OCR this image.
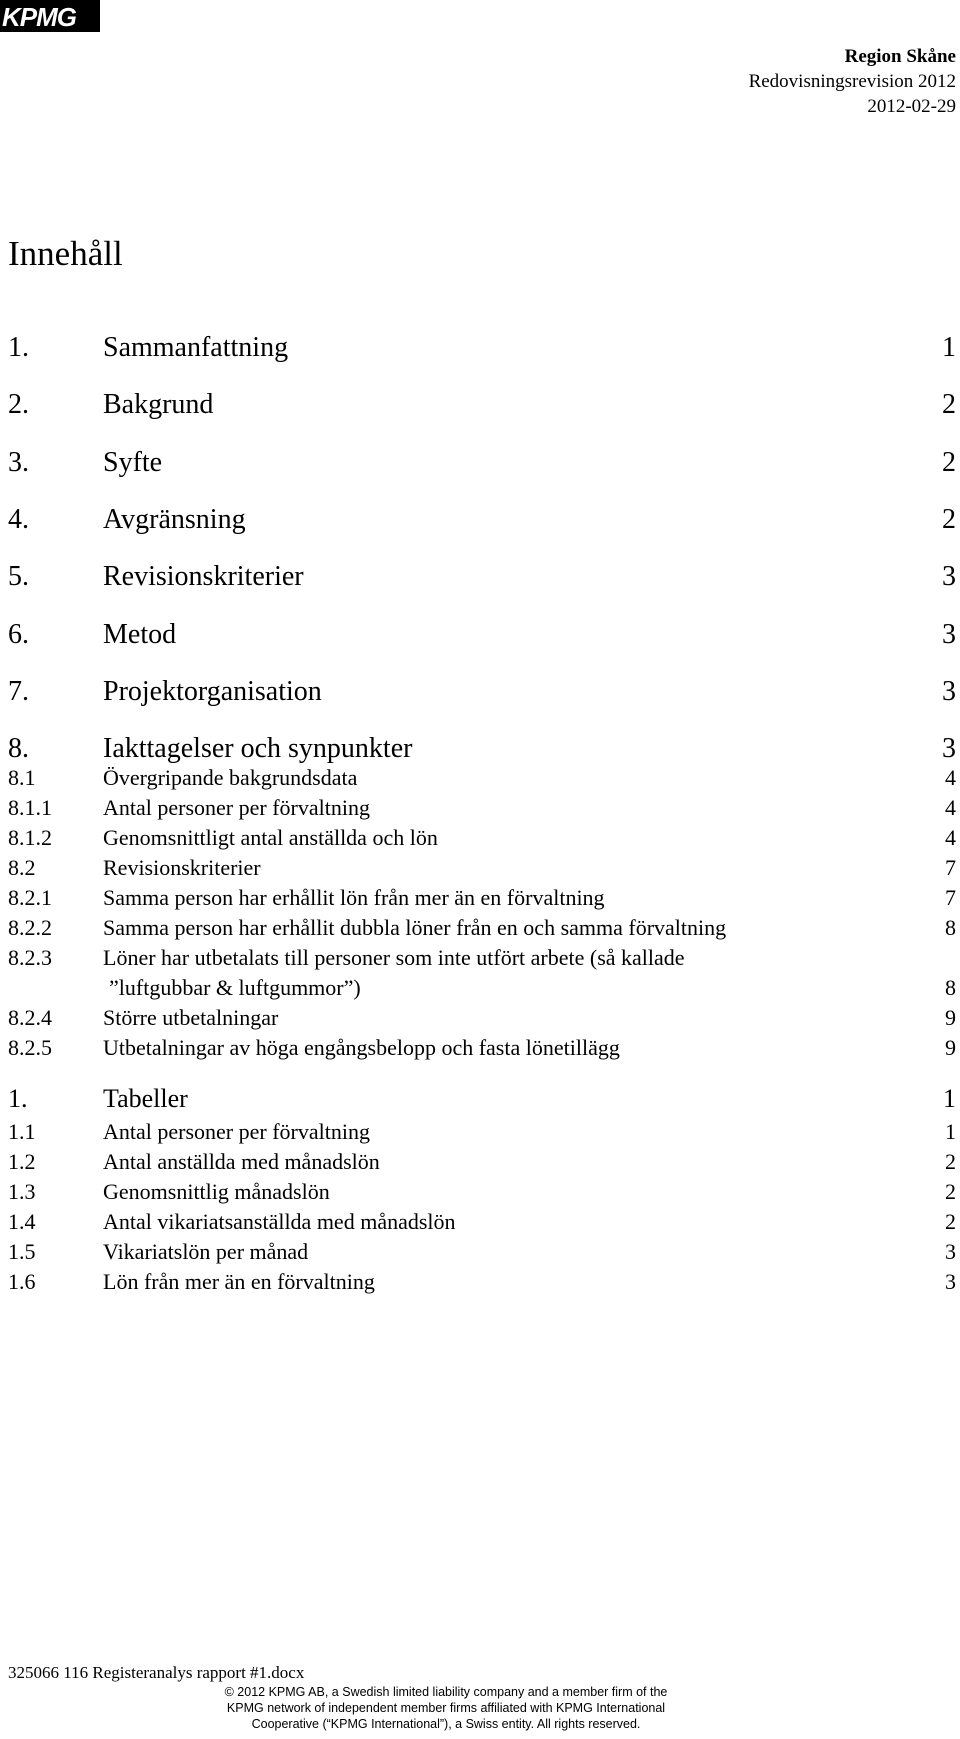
KPMG
Region Skåne
Redovisningsrevision 2012
2012-02-29
Innehåll
1.	Sammanfattning	1
2.	Bakgrund	2
3.	Syfte	2
4.	Avgränsning	2
5.	Revisionskriterier	3
6.	Metod	3
7.	Projektorganisation	3
8.	Iakttagelser och synpunkter	3
8.1	Övergripande bakgrundsdata	4
8.1.1	Antal personer per förvaltning	4
8.1.2	Genomsnittligt antal anställda och lön	4
8.2	Revisionskriterier	7
8.2.1	Samma person har erhållit lön från mer än en förvaltning	7
8.2.2	Samma person har erhållit dubbla löner från en och samma förvaltning	8
8.2.3	Löner har utbetalats till personer som inte utfört arbete (så kallade
”luftgubbar & luftgummor”)	8
8.2.4	Större utbetalningar	9
8.2.5	Utbetalningar av höga engångsbelopp och fasta lönetillägg	9
1.	Tabeller	1
1.1	Antal personer per förvaltning	1
1.2	Antal anställda med månadslön	2
1.3	Genomsnittlig månadslön	2
1.4	Antal vikariatsanställda med månadslön	2
1.5	Vikariatslön per månad	3
1.6	Lön från mer än en förvaltning	3
325066 116 Registeranalys rapport #1.docx
© 2012 KPMG AB, a Swedish limited liability company and a member firm of the KPMG network of independent member firms affiliated with KPMG International Cooperative (“KPMG International”), a Swiss entity. All rights reserved.
